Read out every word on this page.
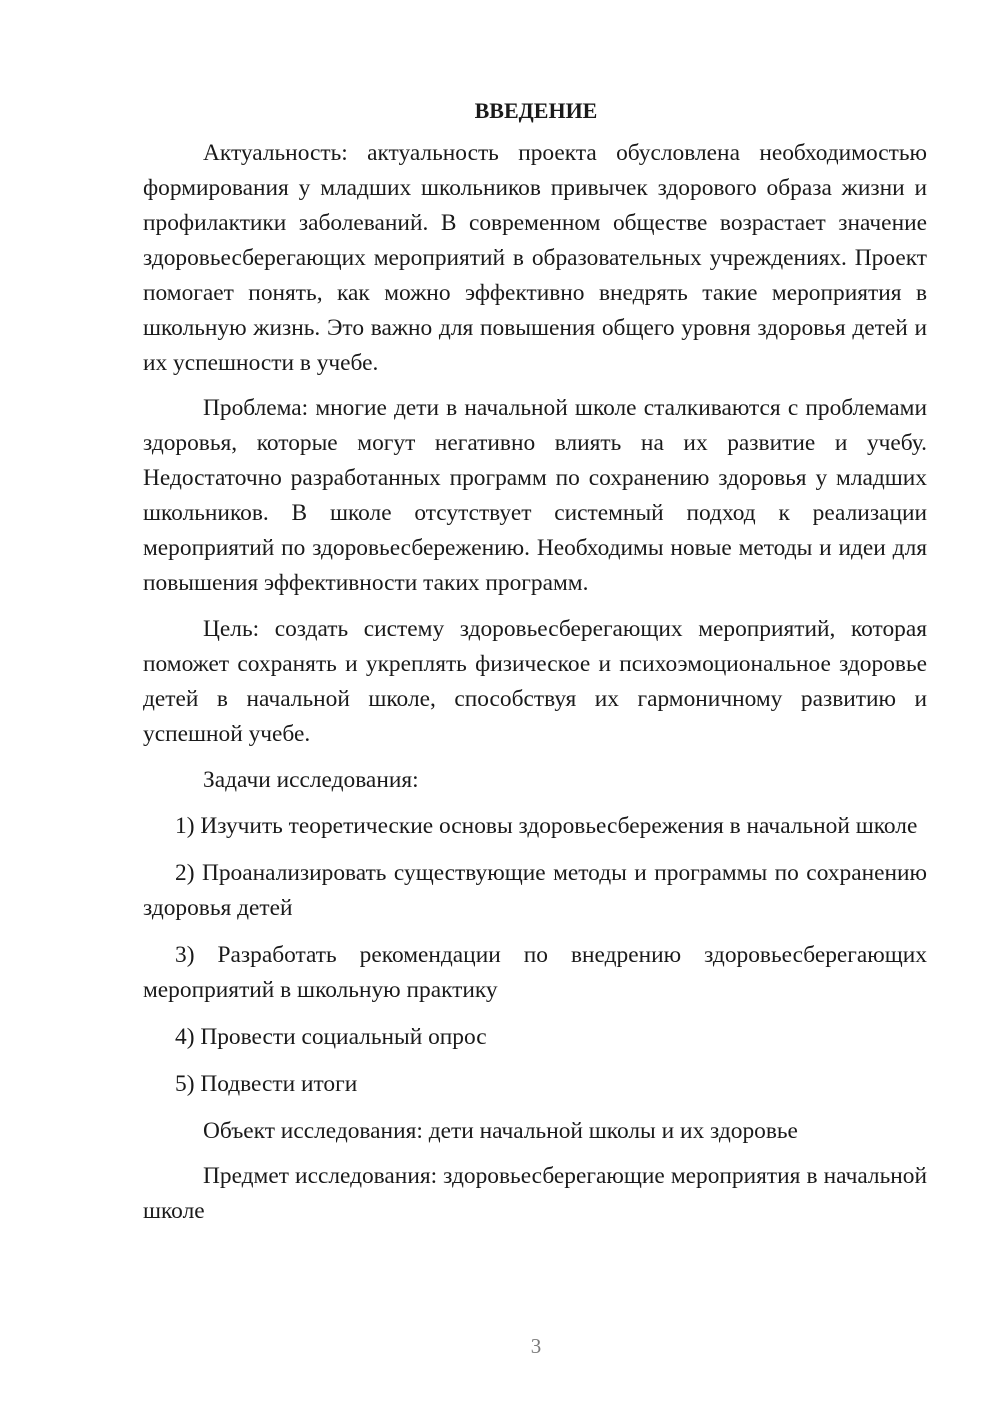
ВВЕДЕНИЕ

Актуальность: актуальность проекта обусловлена необходимостью формирования у младших школьников привычек здорового образа жизни и профилактики заболеваний. В современном обществе возрастает значение здоровьесберегающих мероприятий в образовательных учреждениях. Проект помогает понять, как можно эффективно внедрять такие мероприятия в школьную жизнь. Это важно для повышения общего уровня здоровья детей и их успешности в учебе.

Проблема: многие дети в начальной школе сталкиваются с проблемами здоровья, которые могут негативно влиять на их развитие и учебу. Недостаточно разработанных программ по сохранению здоровья у младших школьников. В школе отсутствует системный подход к реализации мероприятий по здоровьесбережению. Необходимы новые методы и идеи для повышения эффективности таких программ.

Цель: создать систему здоровьесберегающих мероприятий, которая поможет сохранять и укреплять физическое и психоэмоциональное здоровье детей в начальной школе, способствуя их гармоничному развитию и успешной учебе.

Задачи исследования:

1) Изучить теоретические основы здоровьесбережения в начальной школе

2) Проанализировать существующие методы и программы по сохранению здоровья детей

3) Разработать рекомендации по внедрению здоровьесберегающих мероприятий в школьную практику

4) Провести социальный опрос

5) Подвести итоги

Объект исследования: дети начальной школы и их здоровье

Предмет исследования: здоровьесберегающие мероприятия в начальной школе

3
